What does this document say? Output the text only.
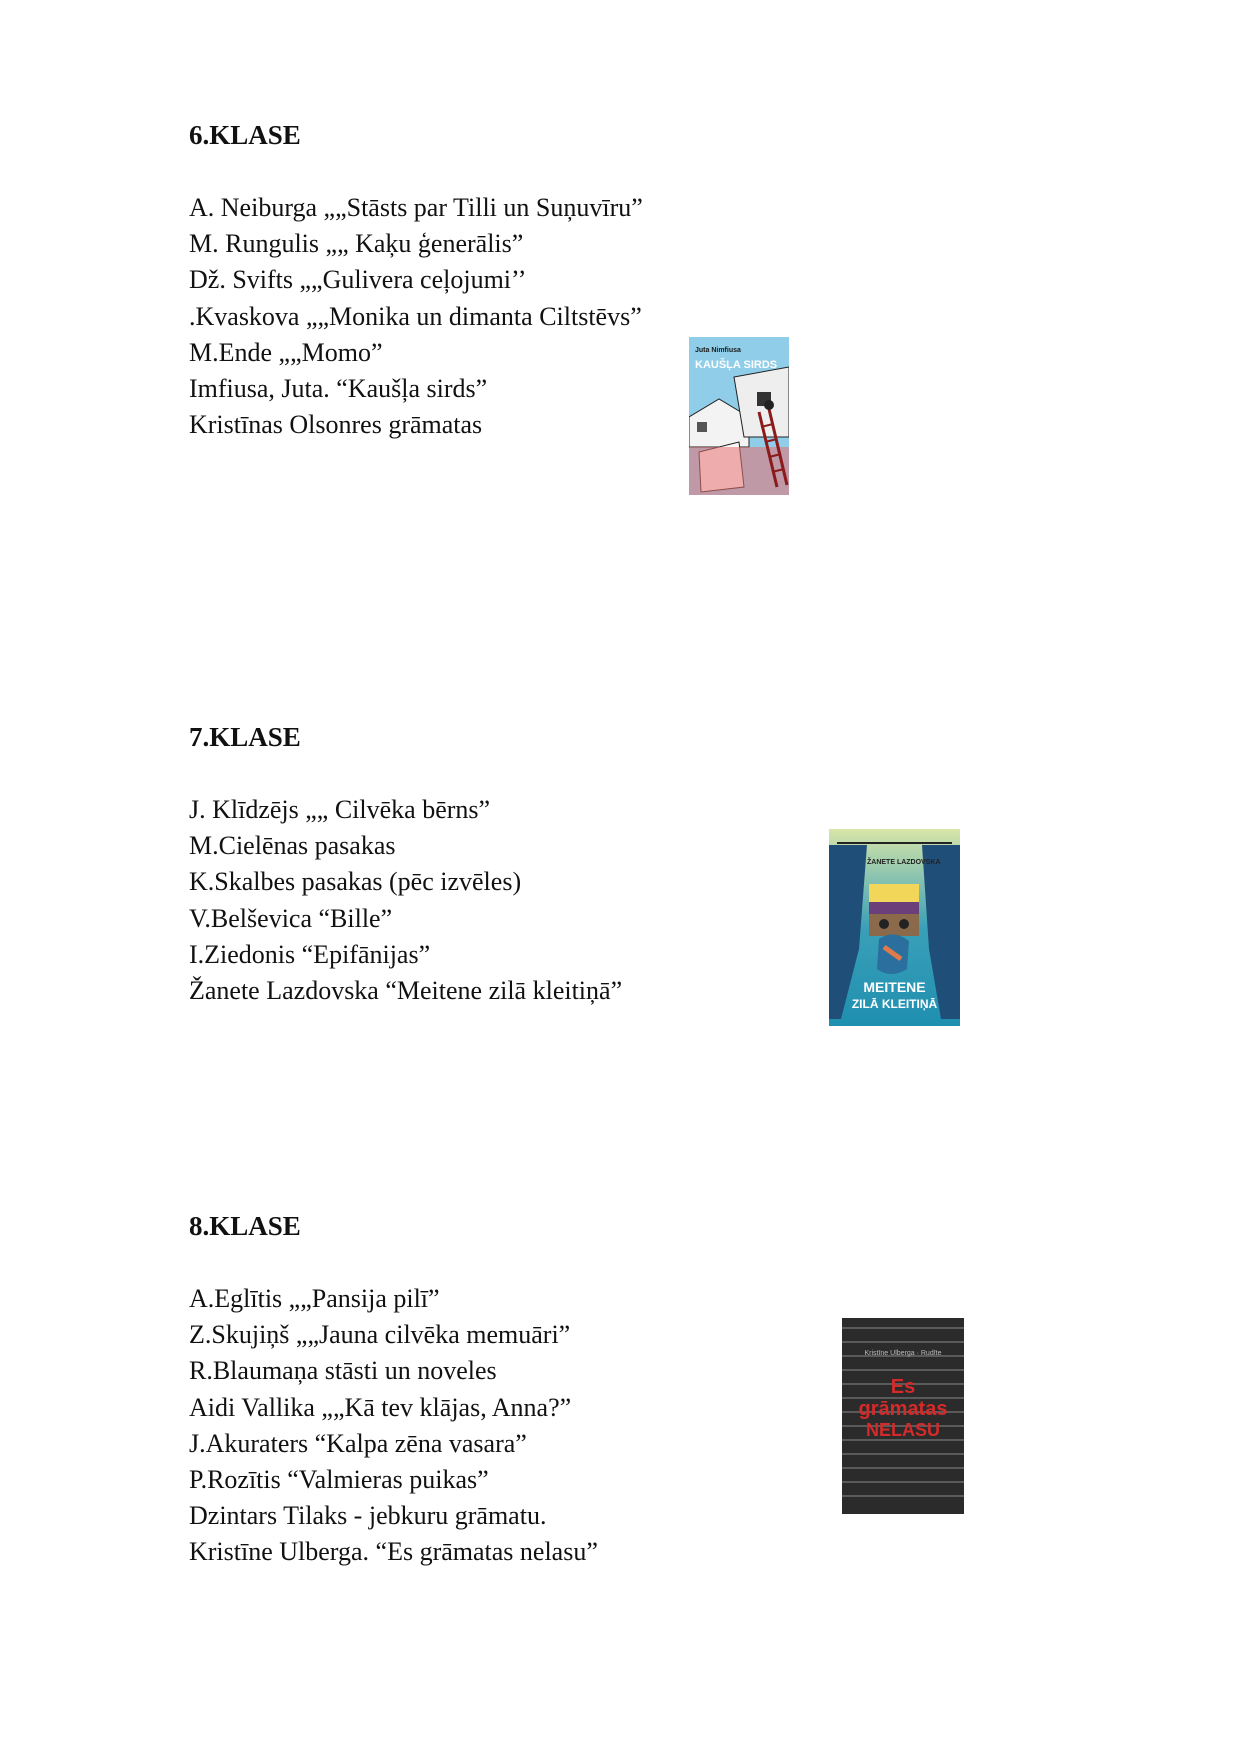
6.KLASE
A. Neiburga „„Stāsts par Tilli un Suņuvīru”
M. Rungulis „„ Kaķu ģenerālis”
Dž. Svifts „„Gulivera ceļojumi’’
.Kvaskova „„Monika un dimanta Ciltstēvs”
M.Ende „„Momo”
Imfiusa, Juta. “Kaušļa sirds”
Kristīnas Olsonres grāmatas
Juta Nimfiusa
KAUŠĻA SIRDS
7.KLASE
J. Klīdzējs „„ Cilvēka bērns”
M.Cielēnas pasakas
K.Skalbes pasakas (pēc izvēles)
V.Belševica “Bille”
I.Ziedonis “Epifānijas”
Žanete Lazdovska “Meitene zilā kleitiņā”
ŽANETE LAZDOVSKA
MEITENE
ZILĀ KLEITIŅĀ
8.KLASE
A.Eglītis „„Pansija pilī”
Z.Skujiņš „„Jauna cilvēka memuāri”
R.Blaumaņa stāsti un noveles
Aidi Vallika „„Kā tev klājas, Anna?”
J.Akuraters “Kalpa zēna vasara”
P.Rozītis “Valmieras puikas”
Dzintars Tilaks - jebkuru grāmatu.
Kristīne Ulberga. “Es grāmatas nelasu”
Kristīne Ulberga · Rudīte
Es
grāmatas
NELASU
